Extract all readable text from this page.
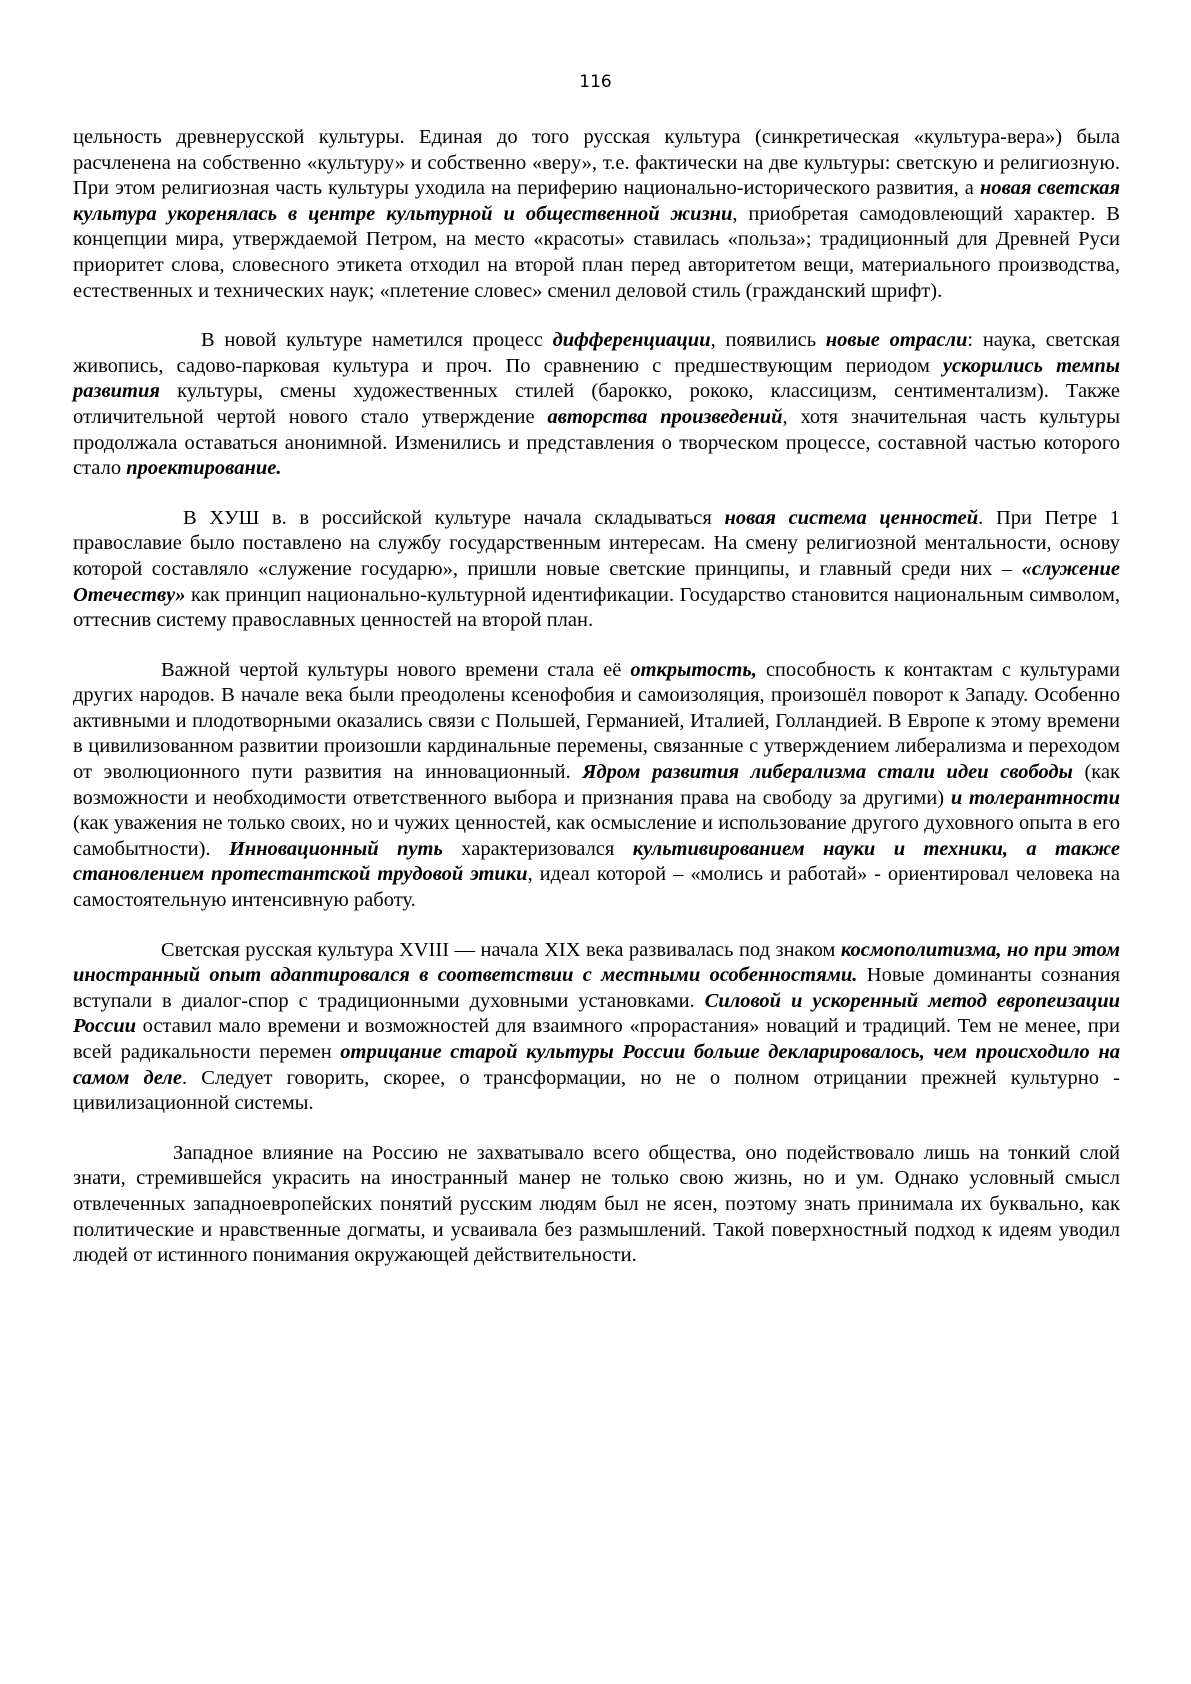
116

цельность древнерусской культуры. Единая до того русская культура (синкретическая «культура-вера») была расчленена на собственно «культуру» и собственно «веру», т.е. фактически на две культуры: светскую и религиозную. При этом религиозная часть культуры уходила на периферию национально-исторического развития, а новая светская культура укоренялась в центре культурной и общественной жизни, приобретая самодовлеющий характер. В концепции мира, утверждаемой Петром, на место «красоты» ставилась «польза»; традиционный для Древней Руси приоритет слова, словесного этикета отходил на второй план перед авторитетом вещи, материального производства, естественных и технических наук; «плетение словес» сменил деловой стиль (гражданский шрифт).

В новой культуре наметился процесс дифференциации, появились новые отрасли: наука, светская живопись, садово-парковая культура и проч. По сравнению с предшествующим периодом ускорились темпы развития культуры, смены художественных стилей (барокко, рококо, классицизм, сентиментализм). Также отличительной чертой нового стало утверждение авторства произведений, хотя значительная часть культуры продолжала оставаться анонимной. Изменились и представления о творческом процессе, составной частью которого стало проектирование.

В ХУШ в. в российской культуре начала складываться новая система ценностей. При Петре 1 православие было поставлено на службу государственным интересам. На смену религиозной ментальности, основу которой составляло «служение государю», пришли новые светские принципы, и главный среди них – «служение Отечеству» как принцип национально-культурной идентификации. Государство становится национальным символом, оттеснив систему православных ценностей на второй план.

Важной чертой культуры нового времени стала её открытость, способность к контактам с культурами других народов. В начале века были преодолены ксенофобия и самоизоляция, произошёл поворот к Западу. Особенно активными и плодотворными оказались связи с Польшей, Германией, Италией, Голландией. В Европе к этому времени в цивилизованном развитии произошли кардинальные перемены, связанные с утверждением либерализма и переходом от эволюционного пути развития на инновационный. Ядром развития либерализма стали идеи свободы (как возможности и необходимости ответственного выбора и признания права на свободу за другими) и толерантности (как уважения не только своих, но и чужих ценностей, как осмысление и использование другого духовного опыта в его самобытности). Инновационный путь характеризовался культивированием науки и техники, а также становлением протестантской трудовой этики, идеал которой – «молись и работай» - ориентировал человека на самостоятельную интенсивную работу.

Светская русская культура XVIII — начала XIX века развивалась под знаком космополитизма, но при этом иностранный опыт адаптировался в соответствии с местными особенностями. Новые доминанты сознания вступали в диалог-спор с традиционными духовными установками. Силовой и ускоренный метод европеизации России оставил мало времени и возможностей для взаимного «прорастания» новаций и традиций. Тем не менее, при всей радикальности перемен отрицание старой культуры России больше декларировалось, чем происходило на самом деле. Следует говорить, скорее, о трансформации, но не о полном отрицании прежней культурно - цивилизационной системы.

Западное влияние на Россию не захватывало всего общества, оно подействовало лишь на тонкий слой знати, стремившейся украсить на иностранный манер не только свою жизнь, но и ум. Однако условный смысл отвлеченных западноевропейских понятий русским людям был не ясен, поэтому знать принимала их буквально, как политические и нравственные догматы, и усваивала без размышлений. Такой поверхностный подход к идеям уводил людей от истинного понимания окружающей действительности.
